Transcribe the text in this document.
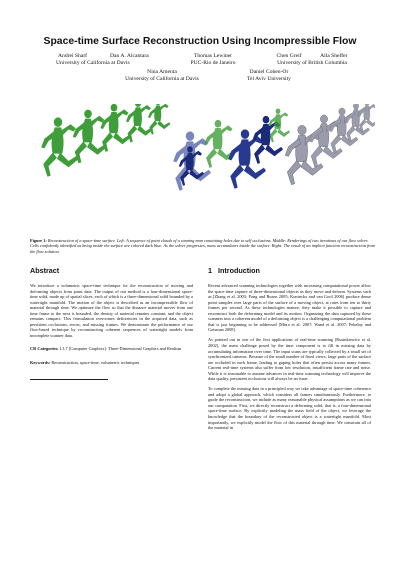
Space-time Surface Reconstruction Using Incompressible Flow
Andrei Sharf	Dan A. Alcantara
University of California at Davis
Thomas Lewiner
PUC-Rio de Janeiro
Chen Greif	Alla Sheffer
University of British Columbia
Nina Amenta
University of California at Davis
Daniel Cohen-Or
Tel Aviv University
Figure 1: Reconstruction of a space-time surface. Left: A sequence of point clouds of a running man containing holes due to self occlusions. Middle: Renderings of two iterations of our flow solver. Cells confidently identified as being inside the surface are colored dark blue. As the solver progresses, mass accumulates inside the surface. Right: The result of an implicit function reconstruction from the flow solution.
Abstract

We introduce a volumetric space-time technique for the reconstruction of moving and deforming objects from point data. The output of our method is a four-dimensional space-time solid, made up of spatial slices, each of which is a three-dimensional solid bounded by a watertight manifold. The motion of the object is described as an incompressible flow of material through time. We optimize the flow so that the distance material moves from one time frame to the next is bounded, the density of material remains constant, and the object remains compact. This formulation overcomes deficiencies in the acquired data, such as persistent occlusions, errors, and missing frames. We demonstrate the performance of our flow-based technique by reconstructing coherent sequences of watertight models from incomplete scanner data.

CR Categories: I.3.7 [Computer Graphics]: Three-Dimensional Graphics and Realism

Keywords: Reconstruction, space-time, volumetric techniques

1   Introduction

Recent advanced scanning technologies together with increasing computational power allow the space-time capture of three-dimensional objects as they move and deform. Systems such as [Zhang et al. 2003; Fong and Buron 2005; Koninckx and van Gool 2006] produce dense point samples over large parts of the surface of a moving object, at rates from ten to thirty frames per second. As these technologies mature, they make it possible to capture and reconstruct both the deforming model and its motion. Organizing the data captured by these scanners into a coherent model of a deforming object is a challenging computational problem that is just beginning to be addressed [Mitra et al. 2007; Wand et al. 2007; Pekelny and Gotsman 2008].

As pointed out in one of the first applications of real-time scanning [Rusinkiewicz et al. 2002], the main challenge posed by the time component is to fill in missing data by accumulating information over time. The input scans are typically collected by a small set of synchronized cameras. Because of the small number of fixed views, large parts of the surface are occluded in each frame, leading to gaping holes that often persist across many frames. Current real-time systems also suffer from low resolution, insufficient frame rate and noise. While it is reasonable to assume advances in real-time scanning technology will improve the data quality, persistent occlusions will always be an issue.

To complete the missing data in a principled way we take advantage of space-time coherence and adopt a global approach, which considers all frames simultaneously. Furthermore, to guide the reconstruction, we include as many reasonable physical assumptions as we can into our computation. First, we directly reconstruct a deforming solid, that is, a four-dimensional space-time surface. By explicitly modeling the mass field of the object, we leverage the knowledge that the boundary of the reconstructed object is a watertight manifold. Most importantly, we explicitly model the flow of this material through time. We constrain all of the material in
